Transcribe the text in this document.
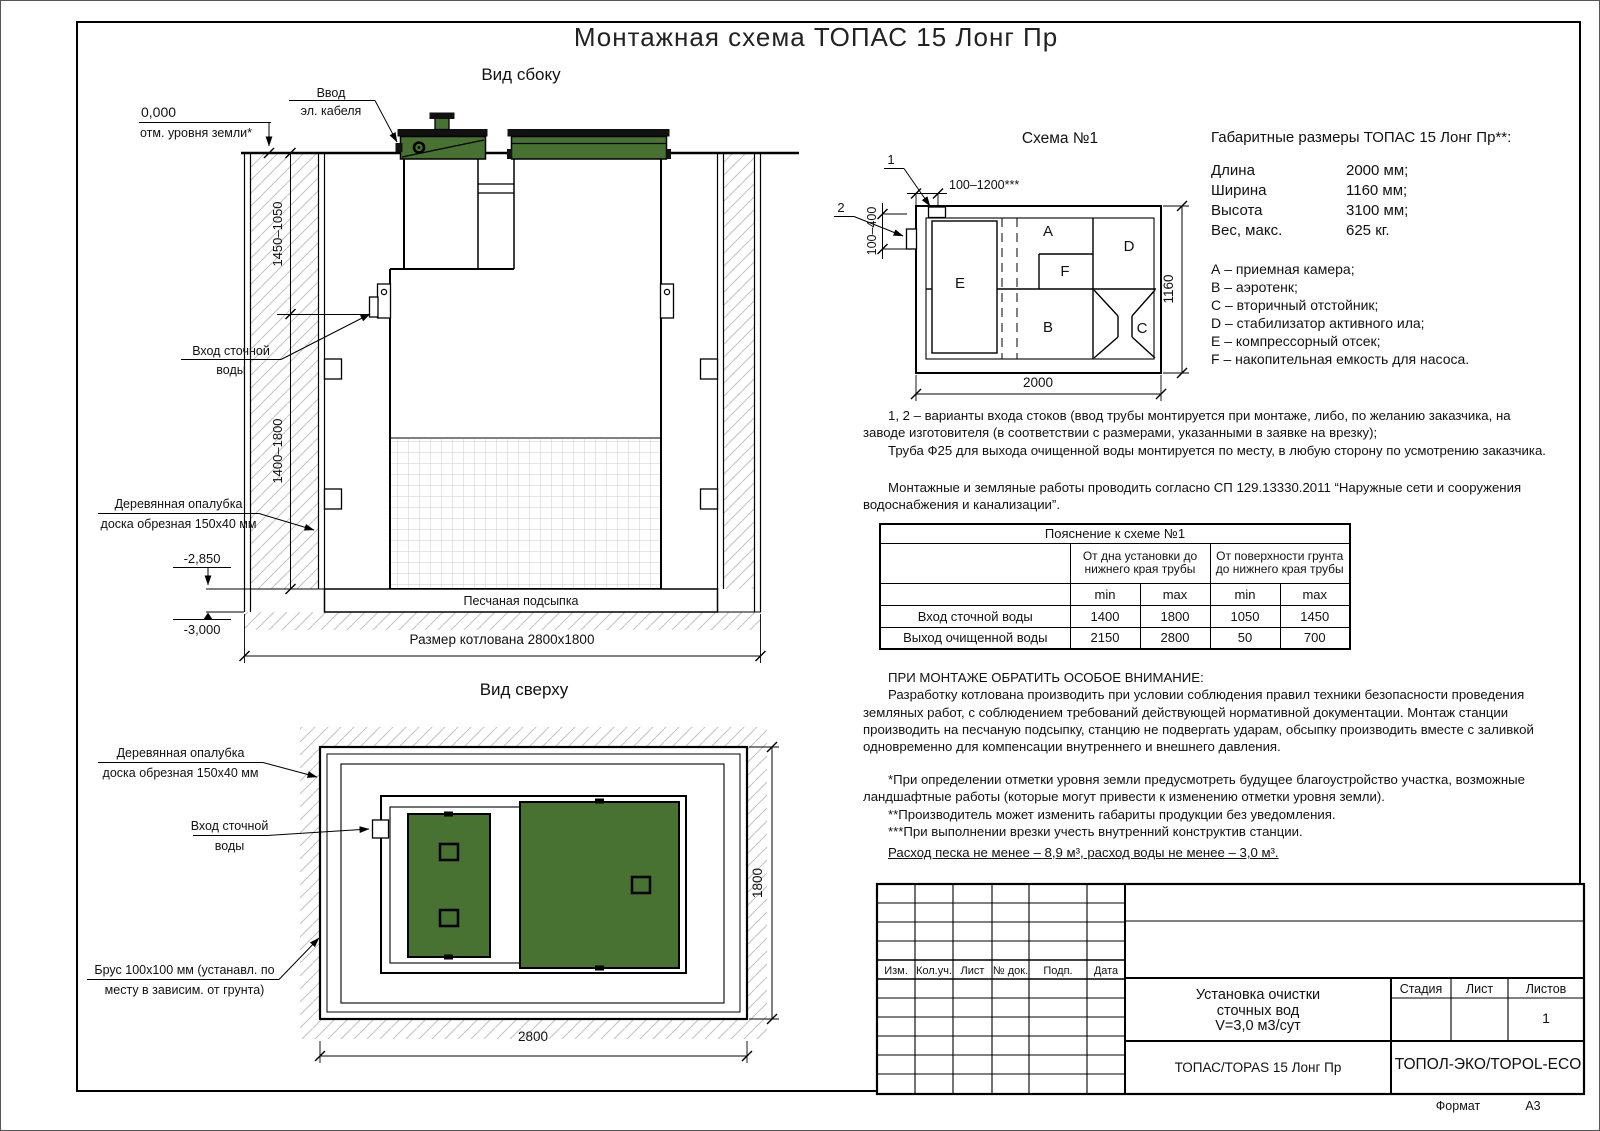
Монтажная схема ТОПАС 15 Лонг Пр
Вид сбоку
0,000
отм. уровня земли*
Ввод
эл. кабеля
1450–1050
1400–1800
Вход сточной
воды
Деревянная опалубка
доска обрезная 150х40 мм
-2,850
-3,000
Песчаная подсыпка
Размер котлована 2800х1800
Вид сверху
Деревянная опалубка
доска обрезная 150х40 мм
Вход сточной
воды
Брус 100х100 мм (устанавл. по
месту в зависим. от грунта)
1800
2800
Схема №1
1
2
100–1200***
100–400	A
B	C
D
E
F
2000
1160
Габаритные размеры ТОПАС 15 Лонг Пр**:
Длина	2000 мм;
Ширина	1160 мм;
Высота	3100 мм;
Вес, макс.	625 кг.
А – приемная камера;
В – аэротенк;
С – вторичный отстойник;
D – стабилизатор активного ила;
Е – компрессорный отсек;
F – накопительная емкость для насоса.
1, 2 – варианты входа стоков (ввод трубы монтируется при монтаже, либо, по желанию заказчика, на
заводе изготовителя (в соответствии с размерами, указанными в заявке на врезку);
Труба Ф25 для выхода очищенной воды монтируется по месту, в любую сторону по усмотрению заказчика.
Монтажные и земляные работы проводить согласно СП 129.13330.2011 “Наружные сети и сооружения
водоснабжения и канализации”.
Пояснение к схеме №1				
	От дна установки до нижнего края трубы		От поверхности грунта до нижнего края трубы	
	min	max	min	max
Вход сточной воды	1400	1800	1050	1450
Выход очищенной воды	2150	2800	50	700
ПРИ МОНТАЖЕ ОБРАТИТЬ ОСОБОЕ ВНИМАНИЕ:
Разработку котлована производить при условии соблюдения правил техники безопасности проведения
земляных работ, с соблюдением требований действующей нормативной документации. Монтаж станции
производить на песчаную подсыпку, станцию не подвергать ударам, обсыпку производить вместе с заливкой
одновременно для компенсации внутреннего и внешнего давления.
*При определении отметки уровня земли предусмотреть будущее благоустройство участка, возможные
ландшафтные работы (которые могут привести к изменению отметки уровня земли).
**Производитель может изменить габариты продукции без уведомления.
***При выполнении врезки учесть внутренний конструктив станции.
Расход песка не менее – 8,9 м³, расход воды не менее – 3,0 м³.
Изм. Кол.уч. Лист № док.	Подп.	Дата
Стадия	Лист	Листов
1
Установка очистки
сточных вод
V=3,0 м3/сут
ТОПАС/TOPAS 15 Лонг Пр	ТОПОЛ-ЭКО/TOPOL-ECO
Формат	А3
